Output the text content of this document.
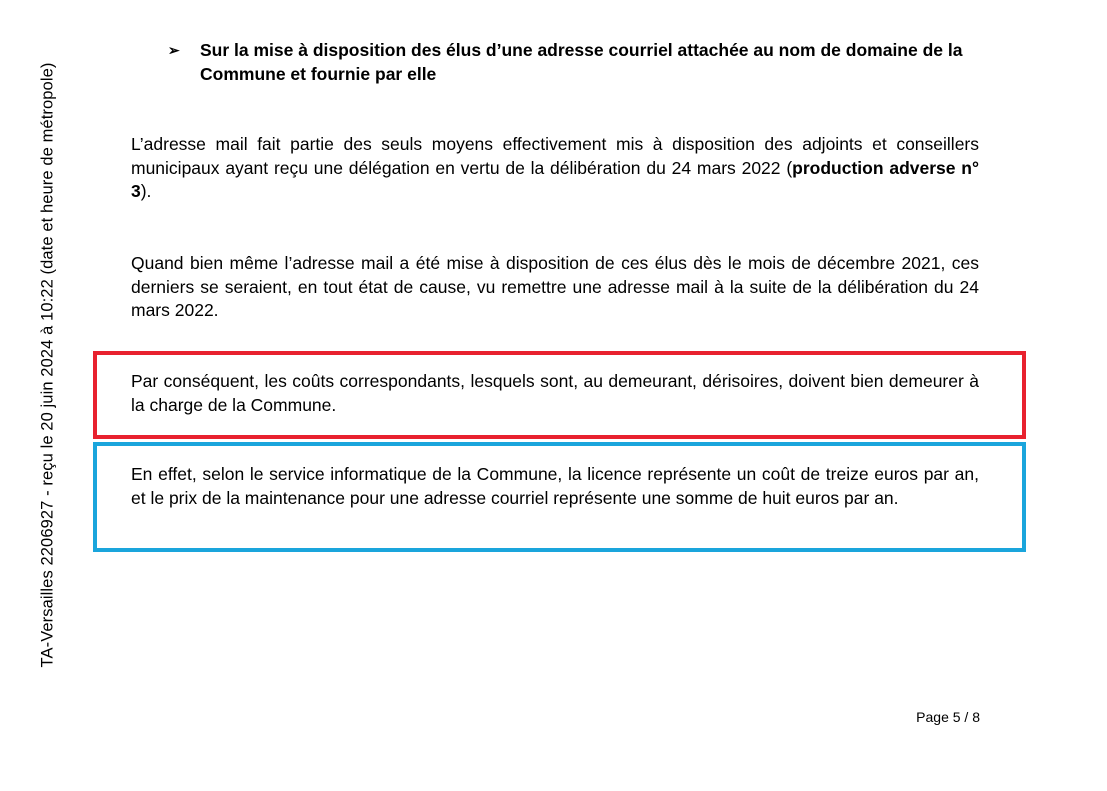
TA-Versailles 2206927 - reçu le 20 juin 2024 à 10:22 (date et heure de métropole)
➢	Sur la mise à disposition des élus d’une adresse courriel attachée au nom de domaine de la Commune et fournie par elle
L’adresse mail fait partie des seuls moyens effectivement mis à disposition des adjoints et conseillers municipaux ayant reçu une délégation en vertu de la délibération du 24 mars 2022 (production adverse n° 3).
Quand bien même l’adresse mail a été mise à disposition de ces élus dès le mois de décembre 2021, ces derniers se seraient, en tout état de cause, vu remettre une adresse mail à la suite de la délibération du 24 mars 2022.
Par conséquent, les coûts correspondants, lesquels sont, au demeurant, dérisoires, doivent bien demeurer à la charge de la Commune.
En effet, selon le service informatique de la Commune, la licence représente un coût de treize euros par an, et le prix de la maintenance pour une adresse courriel représente une somme de huit euros par an.
Page 5 / 8
